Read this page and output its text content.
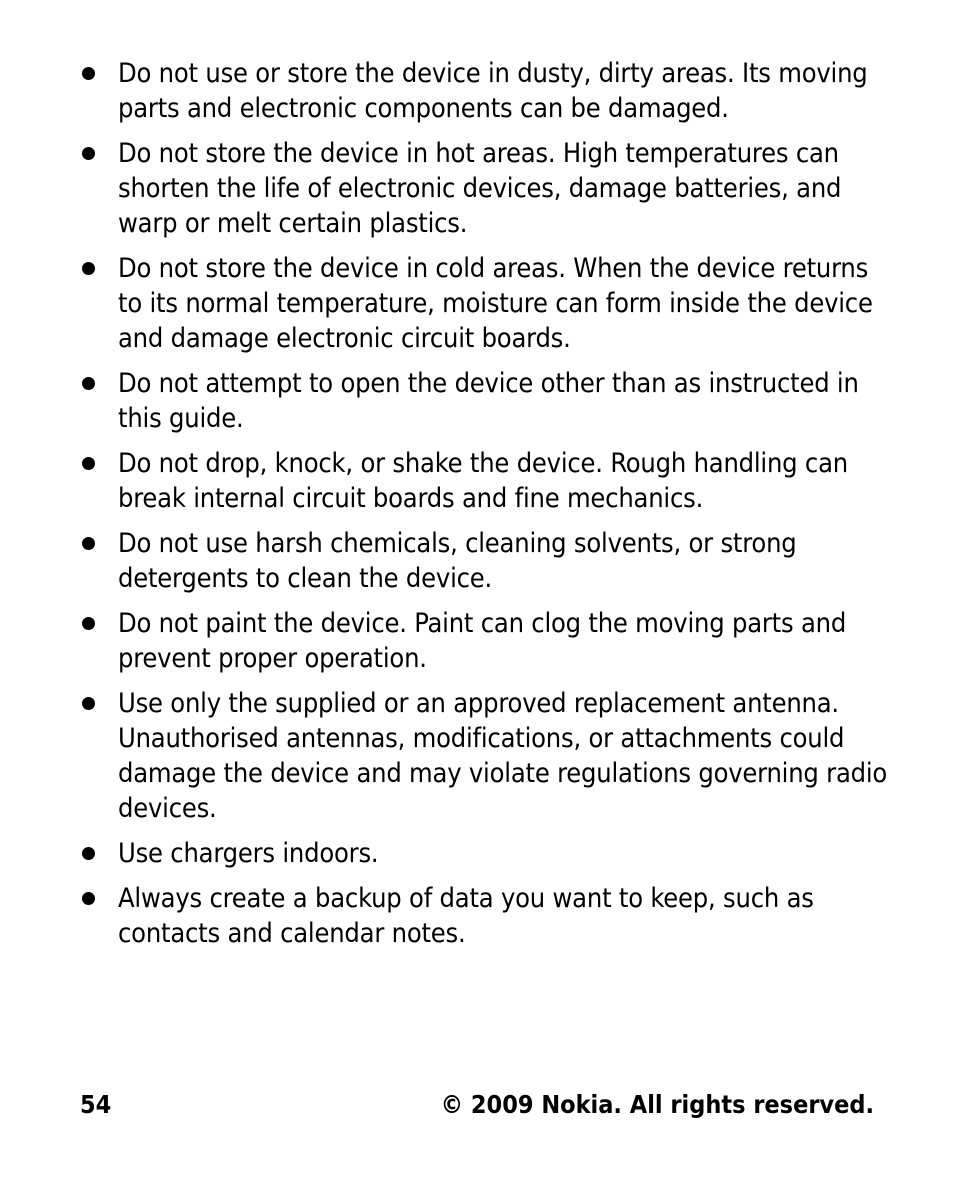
Do not use or store the device in dusty, dirty areas. Its moving parts and electronic components can be damaged.
Do not store the device in hot areas. High temperatures can shorten the life of electronic devices, damage batteries, and warp or melt certain plastics.
Do not store the device in cold areas. When the device returns to its normal temperature, moisture can form inside the device and damage electronic circuit boards.
Do not attempt to open the device other than as instructed in this guide.
Do not drop, knock, or shake the device. Rough handling can break internal circuit boards and fine mechanics.
Do not use harsh chemicals, cleaning solvents, or strong detergents to clean the device.
Do not paint the device. Paint can clog the moving parts and prevent proper operation.
Use only the supplied or an approved replacement antenna. Unauthorised antennas, modifications, or attachments could damage the device and may violate regulations governing radio devices.
Use chargers indoors.
Always create a backup of data you want to keep, such as contacts and calendar notes.
54	© 2009 Nokia. All rights reserved.
